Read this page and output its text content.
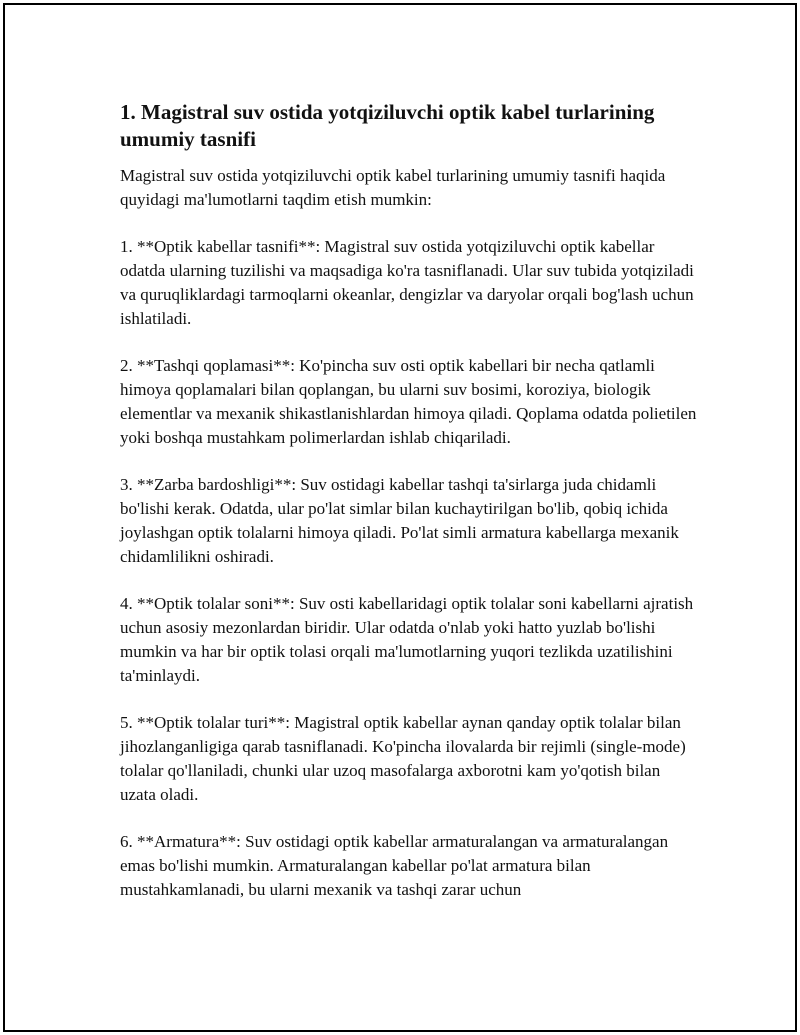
1. Magistral suv ostida yotqiziluvchi optik kabel turlarining umumiy tasnifi

Magistral suv ostida yotqiziluvchi optik kabel turlarining umumiy tasnifi haqida quyidagi ma'lumotlarni taqdim etish mumkin:

1. **Optik kabellar tasnifi**: Magistral suv ostida yotqiziluvchi optik kabellar odatda ularning tuzilishi va maqsadiga ko'ra tasniflanadi. Ular suv tubida yotqiziladi va quruqliklardagi tarmoqlarni okeanlar, dengizlar va daryolar orqali bog'lash uchun ishlatiladi.

2. **Tashqi qoplamasi**: Ko'pincha suv osti optik kabellari bir necha qatlamli himoya qoplamalari bilan qoplangan, bu ularni suv bosimi, koroziya, biologik elementlar va mexanik shikastlanishlardan himoya qiladi. Qoplama odatda polietilen yoki boshqa mustahkam polimerlardan ishlab chiqariladi.

3. **Zarba bardoshligi**: Suv ostidagi kabellar tashqi ta'sirlarga juda chidamli bo'lishi kerak. Odatda, ular po'lat simlar bilan kuchaytirilgan bo'lib, qobiq ichida joylashgan optik tolalarni himoya qiladi. Po'lat simli armatura kabellarga mexanik chidamlilikni oshiradi.

4. **Optik tolalar soni**: Suv osti kabellaridagi optik tolalar soni kabellarni ajratish uchun asosiy mezonlardan biridir. Ular odatda o'nlab yoki hatto yuzlab bo'lishi mumkin va har bir optik tolasi orqali ma'lumotlarning yuqori tezlikda uzatilishini ta'minlaydi.

5. **Optik tolalar turi**: Magistral optik kabellar aynan qanday optik tolalar bilan jihozlanganligiga qarab tasniflanadi. Ko'pincha ilovalarda bir rejimli (single-mode) tolalar qo'llaniladi, chunki ular uzoq masofalarga axborotni kam yo'qotish bilan uzata oladi.

6. **Armatura**: Suv ostidagi optik kabellar armaturalangan va armaturalangan emas bo'lishi mumkin. Armaturalangan kabellar po'lat armatura bilan mustahkamlanadi, bu ularni mexanik va tashqi zarar uchun
